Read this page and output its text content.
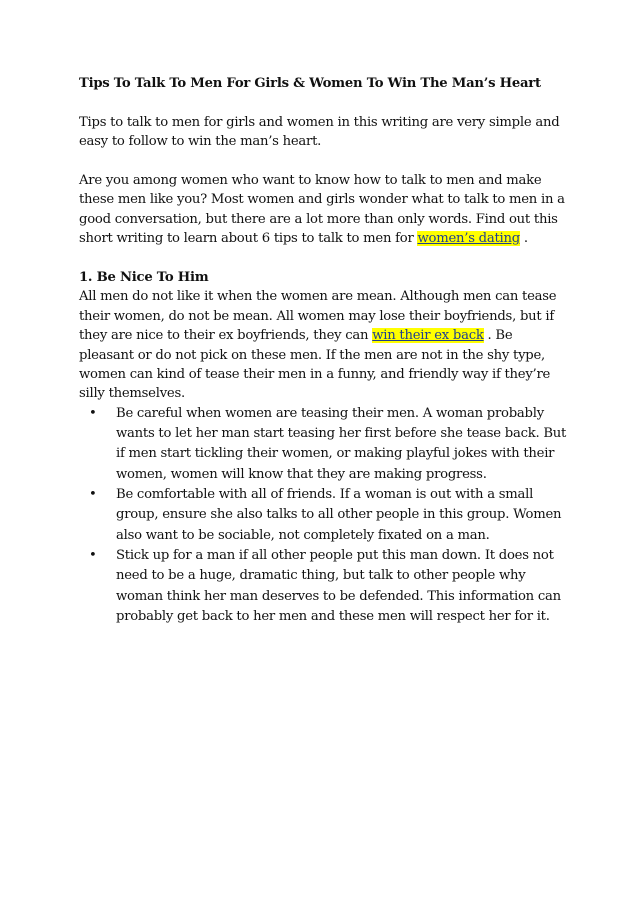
Tips To Talk To Men For Girls & Women To Win The Man’s Heart

Tips to talk to men for girls and women in this writing are very simple and easy to follow to win the man’s heart.

Are you among women who want to know how to talk to men and make these men like you? Most women and girls wonder what to talk to men in a good conversation, but there are a lot more than only words. Find out this short writing to learn about 6 tips to talk to men for women’s dating .

1. Be Nice To Him
All men do not like it when the women are mean. Although men can tease their women, do not be mean. All women may lose their boyfriends, but if they are nice to their ex boyfriends, they can win their ex back . Be pleasant or do not pick on these men. If the men are not in the shy type, women can kind of tease their men in a funny, and friendly way if they’re silly themselves.
• Be careful when women are teasing their men. A woman probably wants to let her man start teasing her first before she tease back. But if men start tickling their women, or making playful jokes with their women, women will know that they are making progress.
• Be comfortable with all of friends. If a woman is out with a small group, ensure she also talks to all other people in this group. Women also want to be sociable, not completely fixated on a man.
• Stick up for a man if all other people put this man down. It does not need to be a huge, dramatic thing, but talk to other people why woman think her man deserves to be defended. This information can probably get back to her men and these men will respect her for it.
